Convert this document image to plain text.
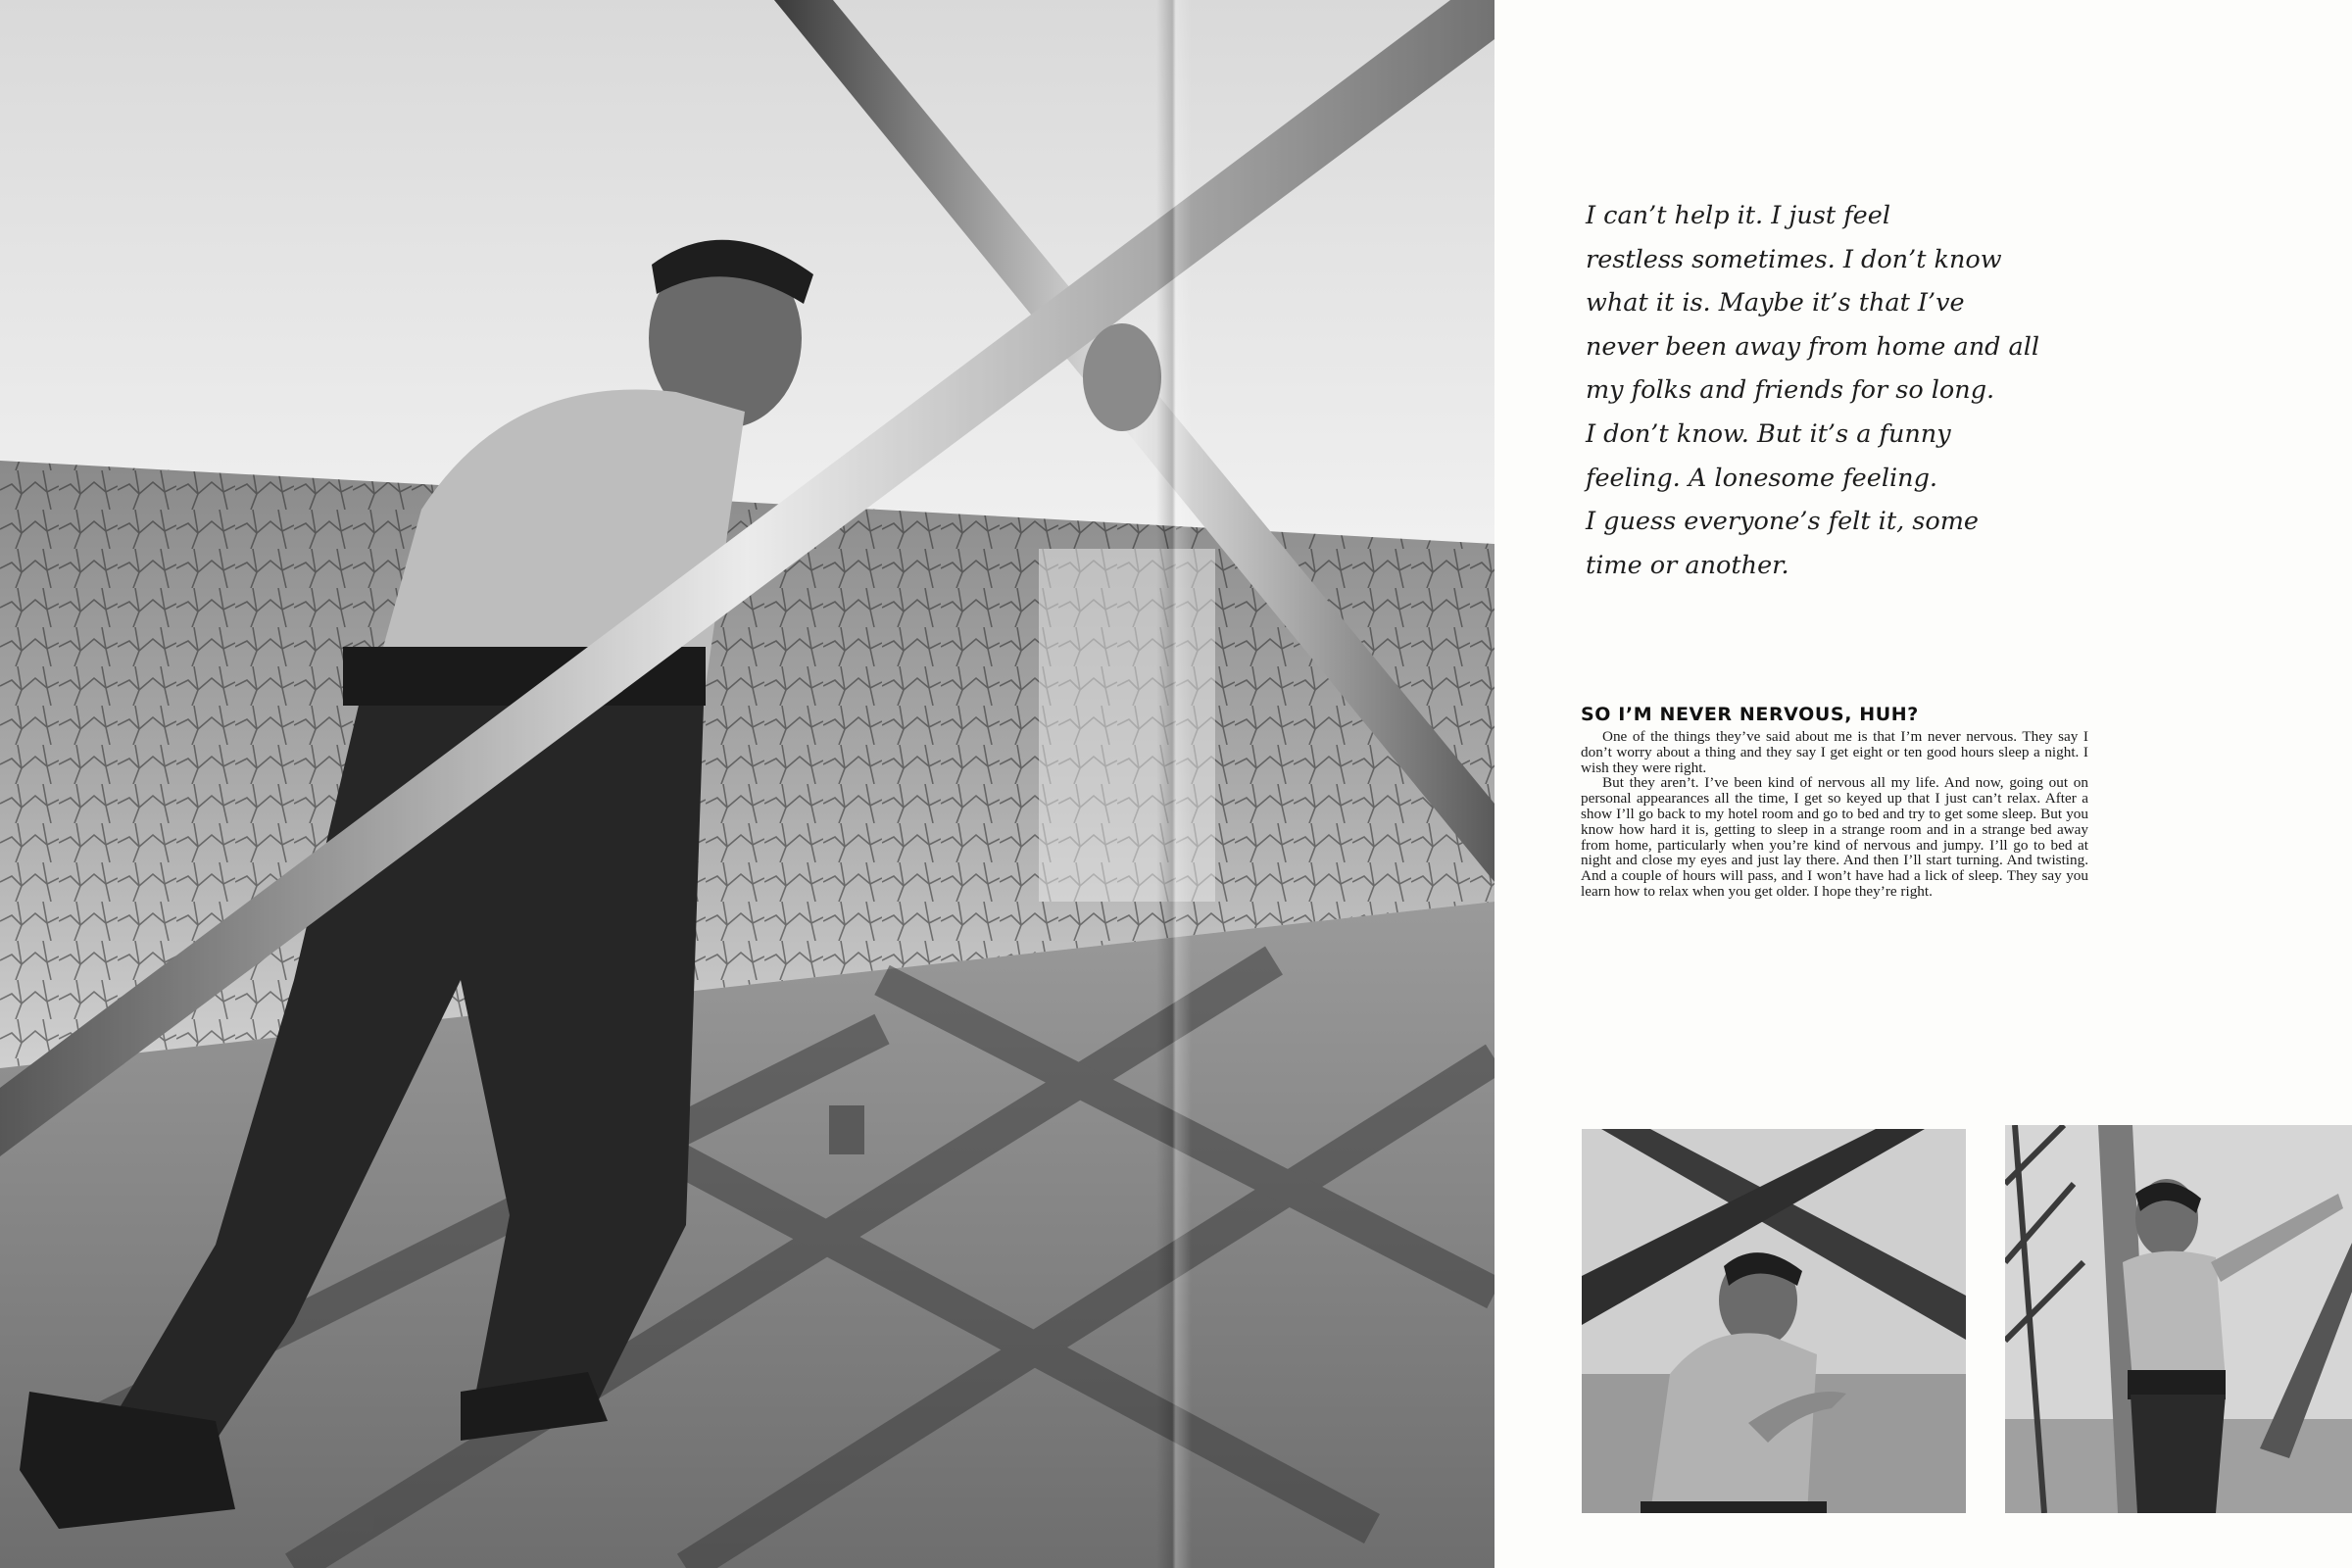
I can’t help it. I just feel
restless sometimes. I don’t know
what it is. Maybe it’s that I’ve
never been away from home and all
my folks and friends for so long.
I don’t know. But it’s a funny
feeling. A lonesome feeling.
I guess everyone’s felt it, some
time or another.

SO I’M NEVER NERVOUS, HUH?

One of the things they’ve said about me is that I’m never nervous. They say I don’t worry about a thing and they say I get eight or ten good hours sleep a night. I wish they were right.

But they aren’t. I’ve been kind of nervous all my life. And now, going out on personal appearances all the time, I get so keyed up that I just can’t relax. After a show I’ll go back to my hotel room and go to bed and try to get some sleep. But you know how hard it is, getting to sleep in a strange room and in a strange bed away from home, particularly when you’re kind of nervous and jumpy. I’ll go to bed at night and close my eyes and just lay there. And then I’ll start turning. And twisting. And a couple of hours will pass, and I won’t have had a lick of sleep. They say you learn how to relax when you get older. I hope they’re right.
